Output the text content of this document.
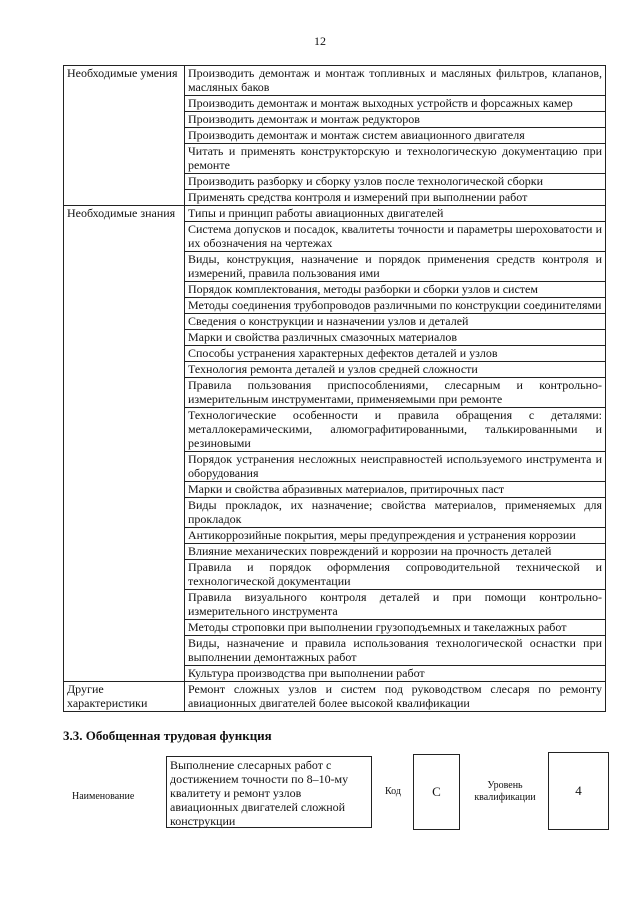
12
Необходимые умения	Производить демонтаж и монтаж топливных и масляных фильтров, клапанов, масляных баков
	Производить демонтаж и монтаж выходных устройств и форсажных камер
	Производить демонтаж и монтаж редукторов
	Производить демонтаж и монтаж систем авиационного двигателя
	Читать и применять конструкторскую и технологическую документацию при ремонте
	Производить разборку и сборку узлов после технологической сборки
	Применять средства контроля и измерений при выполнении работ
Необходимые знания	Типы и принцип работы авиационных двигателей
	Система допусков и посадок, квалитеты точности и параметры шероховатости и их обозначения на чертежах
	Виды, конструкция, назначение и порядок применения средств контроля и измерений, правила пользования ими
	Порядок комплектования, методы разборки и сборки узлов и систем
	Методы соединения трубопроводов различными по конструкции соединителями
	Сведения о конструкции и назначении узлов и деталей
	Марки и свойства различных смазочных материалов
	Способы устранения характерных дефектов деталей и узлов
	Технология ремонта деталей и узлов средней сложности
	Правила пользования приспособлениями, слесарным и контрольно-измерительным инструментами, применяемыми при ремонте
	Технологические особенности и правила обращения с деталями: металлокерамическими, алюмографитированными, талькированными и резиновыми
	Порядок устранения несложных неисправностей используемого инструмента и оборудования
	Марки и свойства абразивных материалов, притирочных паст
	Виды прокладок, их назначение; свойства материалов, применяемых для прокладок
	Антикоррозийные покрытия, меры предупреждения и устранения коррозии
	Влияние механических повреждений и коррозии на прочность деталей
	Правила и порядок оформления сопроводительной технической и технологической документации
	Правила визуального контроля деталей и при помощи контрольно-измерительного инструмента
	Методы строповки при выполнении грузоподъемных и такелажных работ
	Виды, назначение и правила использования технологической оснастки при выполнении демонтажных работ
	Культура производства при выполнении работ
Другие характеристики	Ремонт сложных узлов и систем под руководством слесаря по ремонту авиационных двигателей более высокой квалификации
3.3. Обобщенная трудовая функция
Наименование
Выполнение слесарных работ с достижением точности по 8–10-му квалитету и ремонт узлов авиационных двигателей сложной конструкции
Код	С	Уровень квалификации	4
